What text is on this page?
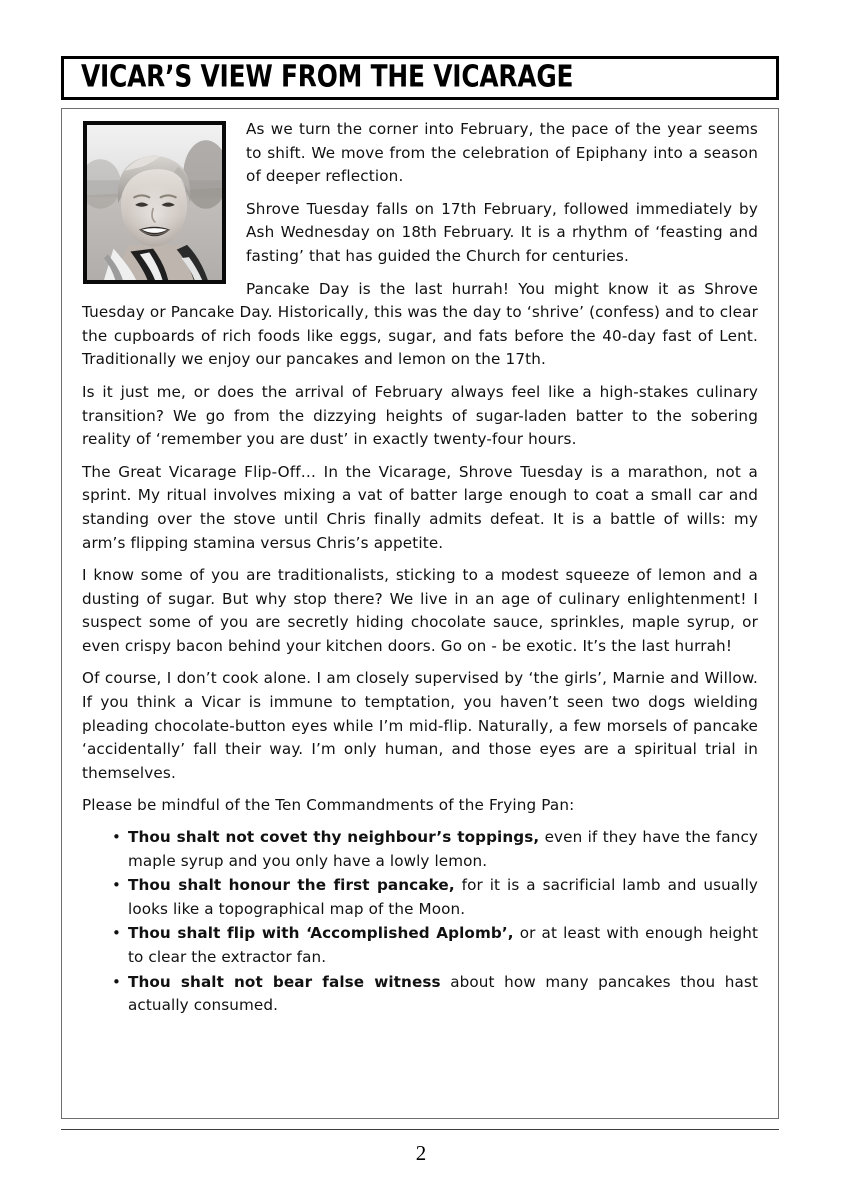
VICAR’S VIEW FROM THE VICARAGE

As we turn the corner into February, the pace of the year seems to shift. We move from the celebration of Epiphany into a season of deeper reflection.

Shrove Tuesday falls on 17th February, followed immediately by Ash Wednesday on 18th February. It is a rhythm of ‘feasting and fasting’ that has guided the Church for centuries.

Pancake Day is the last hurrah! You might know it as Shrove Tuesday or Pancake Day. Historically, this was the day to ‘shrive’ (confess) and to clear the cupboards of rich foods like eggs, sugar, and fats before the 40-day fast of Lent. Traditionally we enjoy our pancakes and lemon on the 17th.

Is it just me, or does the arrival of February always feel like a high-stakes culinary transition? We go from the dizzying heights of sugar-laden batter to the sobering reality of ‘remember you are dust’ in exactly twenty-four hours.

The Great Vicarage Flip-Off… In the Vicarage, Shrove Tuesday is a marathon, not a sprint. My ritual involves mixing a vat of batter large enough to coat a small car and standing over the stove until Chris finally admits defeat. It is a battle of wills: my arm’s flipping stamina versus Chris’s appetite.

I know some of you are traditionalists, sticking to a modest squeeze of lemon and a dusting of sugar. But why stop there? We live in an age of culinary enlightenment! I suspect some of you are secretly hiding chocolate sauce, sprinkles, maple syrup, or even crispy bacon behind your kitchen doors. Go on - be exotic. It’s the last hurrah!

Of course, I don’t cook alone. I am closely supervised by ‘the girls’, Marnie and Willow. If you think a Vicar is immune to temptation, you haven’t seen two dogs wielding pleading chocolate-button eyes while I’m mid-flip. Naturally, a few morsels of pancake ‘accidentally’ fall their way. I’m only human, and those eyes are a spiritual trial in themselves.

Please be mindful of the Ten Commandments of the Frying Pan:

• Thou shalt not covet thy neighbour’s toppings, even if they have the fancy maple syrup and you only have a lowly lemon.
• Thou shalt honour the first pancake, for it is a sacrificial lamb and usually looks like a topographical map of the Moon.
• Thou shalt flip with ‘Accomplished Aplomb’, or at least with enough height to clear the extractor fan.
• Thou shalt not bear false witness about how many pancakes thou hast actually consumed.
2
